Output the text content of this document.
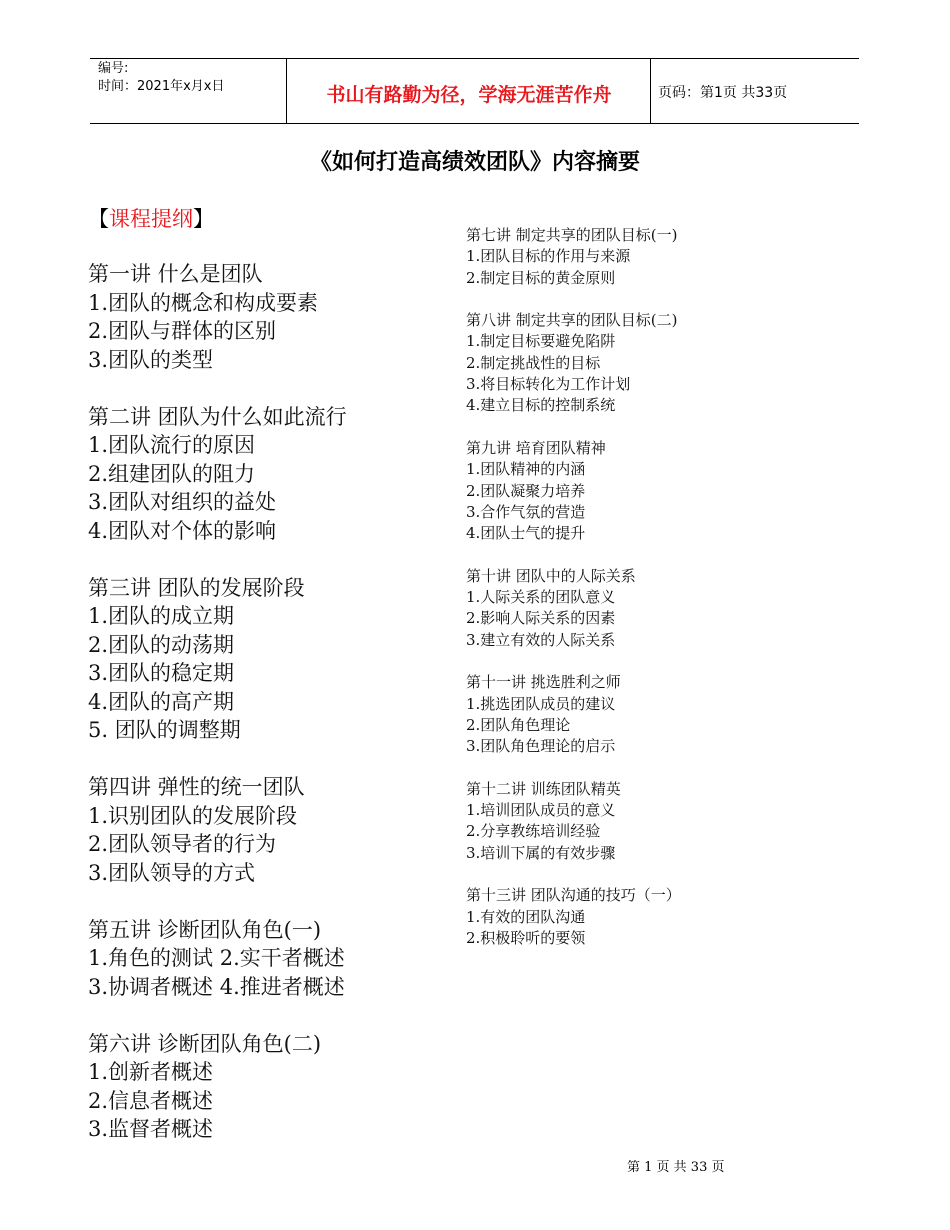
编号:
时间：2021年x月x日	书山有路勤为径，学海无涯苦作舟	页码：第1页 共33页
《如何打造高绩效团队》内容摘要
【课程提纲】
第一讲 什么是团队
1.团队的概念和构成要素
2.团队与群体的区别
3.团队的类型
第二讲 团队为什么如此流行
1.团队流行的原因
2.组建团队的阻力
3.团队对组织的益处
4.团队对个体的影响
第三讲 团队的发展阶段
1.团队的成立期
2.团队的动荡期
3.团队的稳定期
4.团队的高产期
5. 团队的调整期
第四讲 弹性的统一团队
1.识别团队的发展阶段
2.团队领导者的行为
3.团队领导的方式
第五讲 诊断团队角色(一)
1.角色的测试 2.实干者概述
3.协调者概述 4.推进者概述
第六讲 诊断团队角色(二)
1.创新者概述
2.信息者概述
3.监督者概述
第七讲 制定共享的团队目标(一)
1.团队目标的作用与来源
2.制定目标的黄金原则
第八讲 制定共享的团队目标(二)
1.制定目标要避免陷阱
2.制定挑战性的目标
3.将目标转化为工作计划
4.建立目标的控制系统
第九讲 培育团队精神
1.团队精神的内涵
2.团队凝聚力培养
3.合作气氛的营造
4.团队士气的提升
第十讲 团队中的人际关系
1.人际关系的团队意义
2.影响人际关系的因素
3.建立有效的人际关系
第十一讲 挑选胜利之师
1.挑选团队成员的建议
2.团队角色理论
3.团队角色理论的启示
第十二讲 训练团队精英
1.培训团队成员的意义
2.分享教练培训经验
3.培训下属的有效步骤
第十三讲 团队沟通的技巧（一）
1.有效的团队沟通
2.积极聆听的要领
第 1 页 共 33 页
